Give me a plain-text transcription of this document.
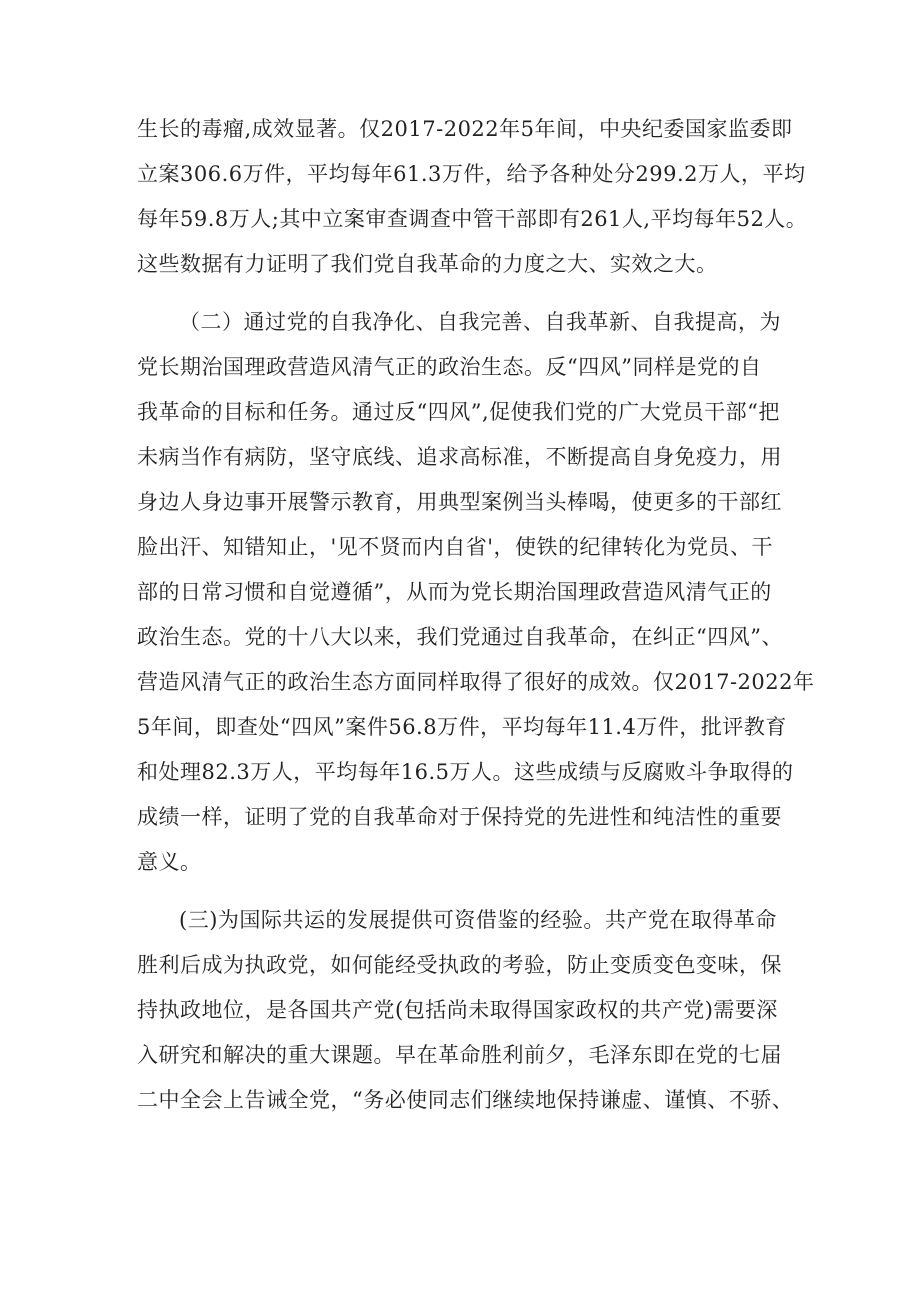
生长的毒瘤,成效显著。仅2017-2022年5年间，中央纪委国家监委即
立案306.6万件，平均每年61.3万件，给予各种处分299.2万人，平均
每年59.8万人;其中立案审查调查中管干部即有261人,平均每年52人。
这些数据有力证明了我们党自我革命的力度之大、实效之大。
（二）通过党的自我净化、自我完善、自我革新、自我提高，为
党长期治国理政营造风清气正的政治生态。反“四风”同样是党的自
我革命的目标和任务。通过反“四风”,促使我们党的广大党员干部“把
未病当作有病防，坚守底线、追求高标准，不断提高自身免疫力，用
身边人身边事开展警示教育，用典型案例当头棒喝，使更多的干部红
脸出汗、知错知止，'见不贤而内自省'，使铁的纪律转化为党员、干
部的日常习惯和自觉遵循”，从而为党长期治国理政营造风清气正的
政治生态。党的十八大以来，我们党通过自我革命，在纠正“四风”、
营造风清气正的政治生态方面同样取得了很好的成效。仅2017-2022年
5年间，即查处“四风”案件56.8万件，平均每年11.4万件，批评教育
和处理82.3万人，平均每年16.5万人。这些成绩与反腐败斗争取得的
成绩一样，证明了党的自我革命对于保持党的先进性和纯洁性的重要
意义。
(三)为国际共运的发展提供可资借鉴的经验。共产党在取得革命
胜利后成为执政党，如何能经受执政的考验，防止变质变色变味，保
持执政地位，是各国共产党(包括尚未取得国家政权的共产党)需要深
入研究和解决的重大课题。早在革命胜利前夕，毛泽东即在党的七届
二中全会上告诫全党，“务必使同志们继续地保持谦虚、谨慎、不骄、
